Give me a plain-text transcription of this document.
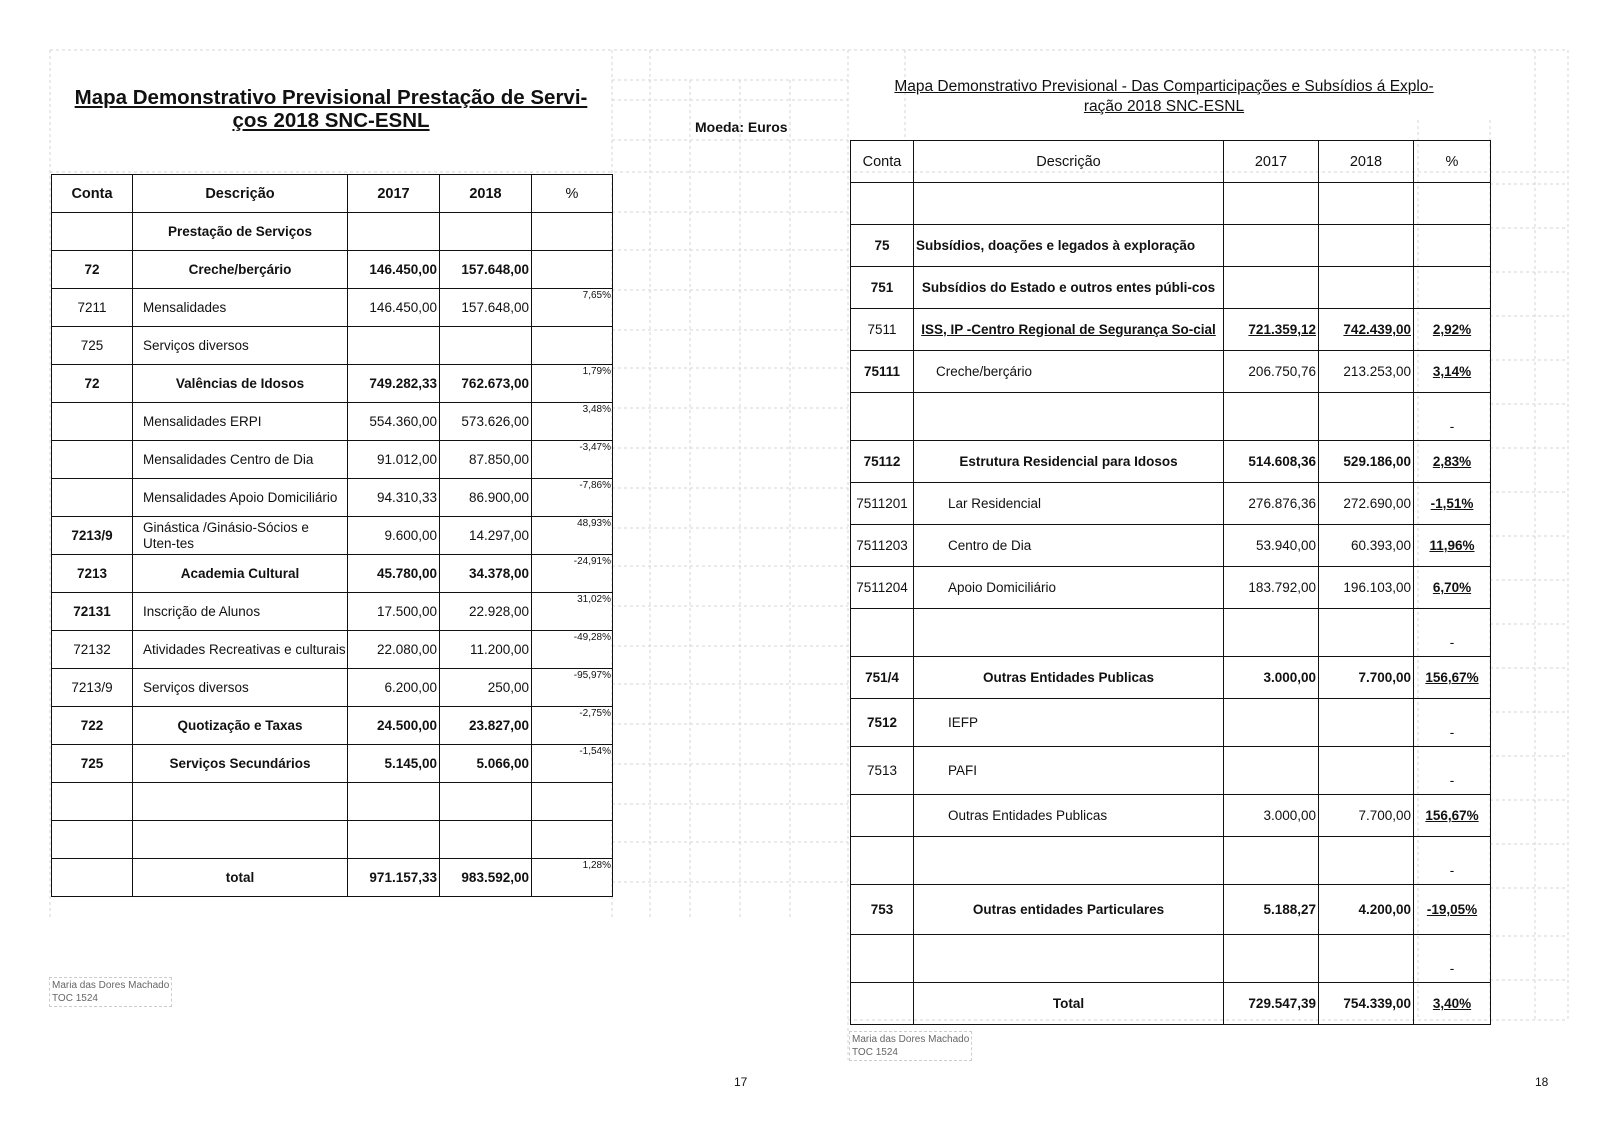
Mapa Demonstrativo Previsional Prestação de Servi-
ços 2018 SNC-ESNL	Moeda: Euros
Conta	Descrição	2017	2018	%
	Prestação de Serviços			

72	Creche/berçário	146.450,00	157.648,00	

7211	Mensalidades	146.450,00	157.648,00	7,65%

725	Serviços diversos			

72	Valências de Idosos	749.282,33	762.673,00	1,79%

	Mensalidades ERPI	554.360,00	573.626,00	3,48%

	Mensalidades Centro de Dia	91.012,00	87.850,00	-3,47%

	Mensalidades Apoio Domiciliário	94.310,33	86.900,00	-7,86%

7213/9	Ginástica /Ginásio-Sócios e Uten-tes	9.600,00	14.297,00	48,93%

7213	Academia Cultural	45.780,00	34.378,00	-24,91%

72131	Inscrição de Alunos	17.500,00	22.928,00	31,02%

72132	Atividades Recreativas e culturais	22.080,00	11.200,00	-49,28%

7213/9	Serviços diversos	6.200,00	250,00	-95,97%

722	Quotização e Taxas	24.500,00	23.827,00	-2,75%

725	Serviços Secundários	5.145,00	5.066,00	-1,54%

	total	971.157,33	983.592,00	1,28%
Maria das Dores Machado
TOC 1524
17
Mapa Demonstrativo Previsional - Das Comparticipações e Subsídios á Explo-
ração 2018 SNC-ESNL
Conta	Descrição	2017	2018	%

75	Subsídios, doações e legados à exploração			
751	Subsídios do Estado e outros entes públi-cos			
7511	ISS, IP -Centro Regional de Segurança So-cial	721.359,12	742.439,00	2,92%
75111	Creche/berçário	206.750,76	213.253,00	3,14%
				-
75112	Estrutura Residencial para Idosos	514.608,36	529.186,00	2,83%
7511201	Lar Residencial	276.876,36	272.690,00	-1,51%
7511203	Centro de Dia	53.940,00	60.393,00	11,96%
7511204	Apoio Domiciliário	183.792,00	196.103,00	6,70%
				-
751/4	Outras Entidades Publicas	3.000,00	7.700,00	156,67%
7512	IEFP			-
7513	PAFI			-
	Outras Entidades Publicas	3.000,00	7.700,00	156,67%
				-
753	Outras entidades Particulares	5.188,27	4.200,00	-19,05%
				-
	Total	729.547,39	754.339,00	3,40%
Maria das Dores Machado
TOC 1524
18
